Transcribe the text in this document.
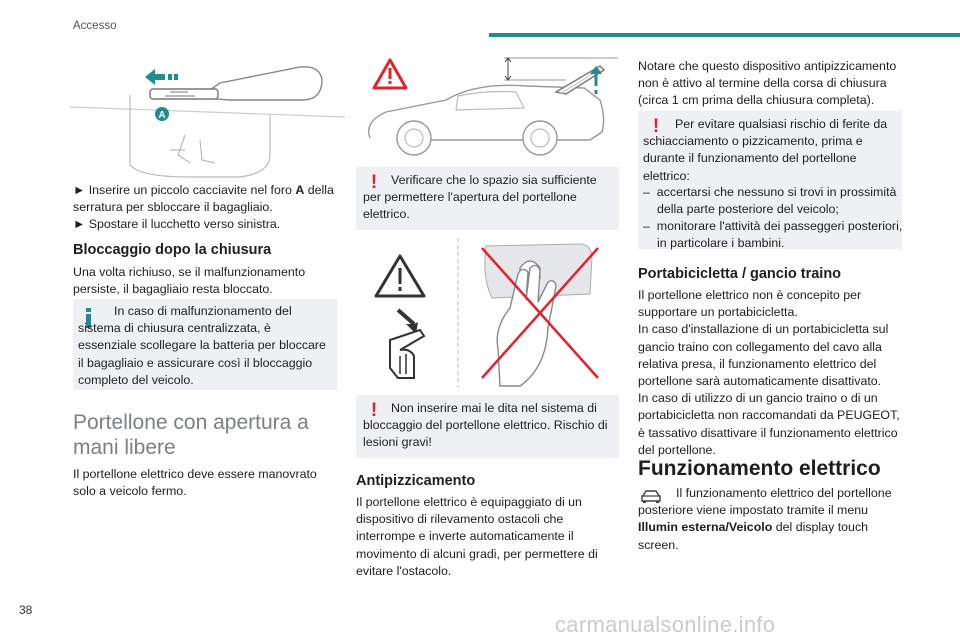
Accesso
A
► Inserire un piccolo cacciavite nel foro A della serratura per sbloccare il bagagliaio.
► Spostare il lucchetto verso sinistra.
Bloccaggio dopo la chiusura
Una volta richiuso, se il malfunzionamento persiste, il bagagliaio resta bloccato.
In caso di malfunzionamento del sistema di chiusura centralizzata, è essenziale scollegare la batteria per bloccare il bagagliaio e assicurare così il bloccaggio completo del veicolo.
Portellone con apertura a mani libere
Il portellone elettrico deve essere manovrato solo a veicolo fermo.
!	Verificare che lo spazio sia sufficiente per permettere l'apertura del portellone elettrico.
!	Non inserire mai le dita nel sistema di bloccaggio del portellone elettrico. Rischio di lesioni gravi!
Antipizzicamento
Il portellone elettrico è equipaggiato di un dispositivo di rilevamento ostacoli che interrompe e inverte automaticamente il movimento di alcuni gradi, per permettere di evitare l'ostacolo.
Notare che questo dispositivo antipizzicamento non è attivo al termine della corsa di chiusura (circa 1 cm prima della chiusura completa).
!	Per evitare qualsiasi rischio di ferite da schiacciamento o pizzicamento, prima e durante il funzionamento del portellone elettrico:
–  accertarsi che nessuno si trovi in prossimità della parte posteriore del veicolo;
–  monitorare l'attività dei passeggeri posteriori, in particolare i bambini.
Portabicicletta / gancio traino
Il portellone elettrico non è concepito per supportare un portabicicletta.
In caso d'installazione di un portabicicletta sul gancio traino con collegamento del cavo alla relativa presa, il funzionamento elettrico del portellone sarà automaticamente disattivato.
In caso di utilizzo di un gancio traino o di un portabicicletta non raccomandati da PEUGEOT, è tassativo disattivare il funzionamento elettrico del portellone.
Funzionamento elettrico
Il funzionamento elettrico del portellone posteriore viene impostato tramite il menu Illumin esterna/Veicolo del display touch screen.
38
carmanualsonline.info
